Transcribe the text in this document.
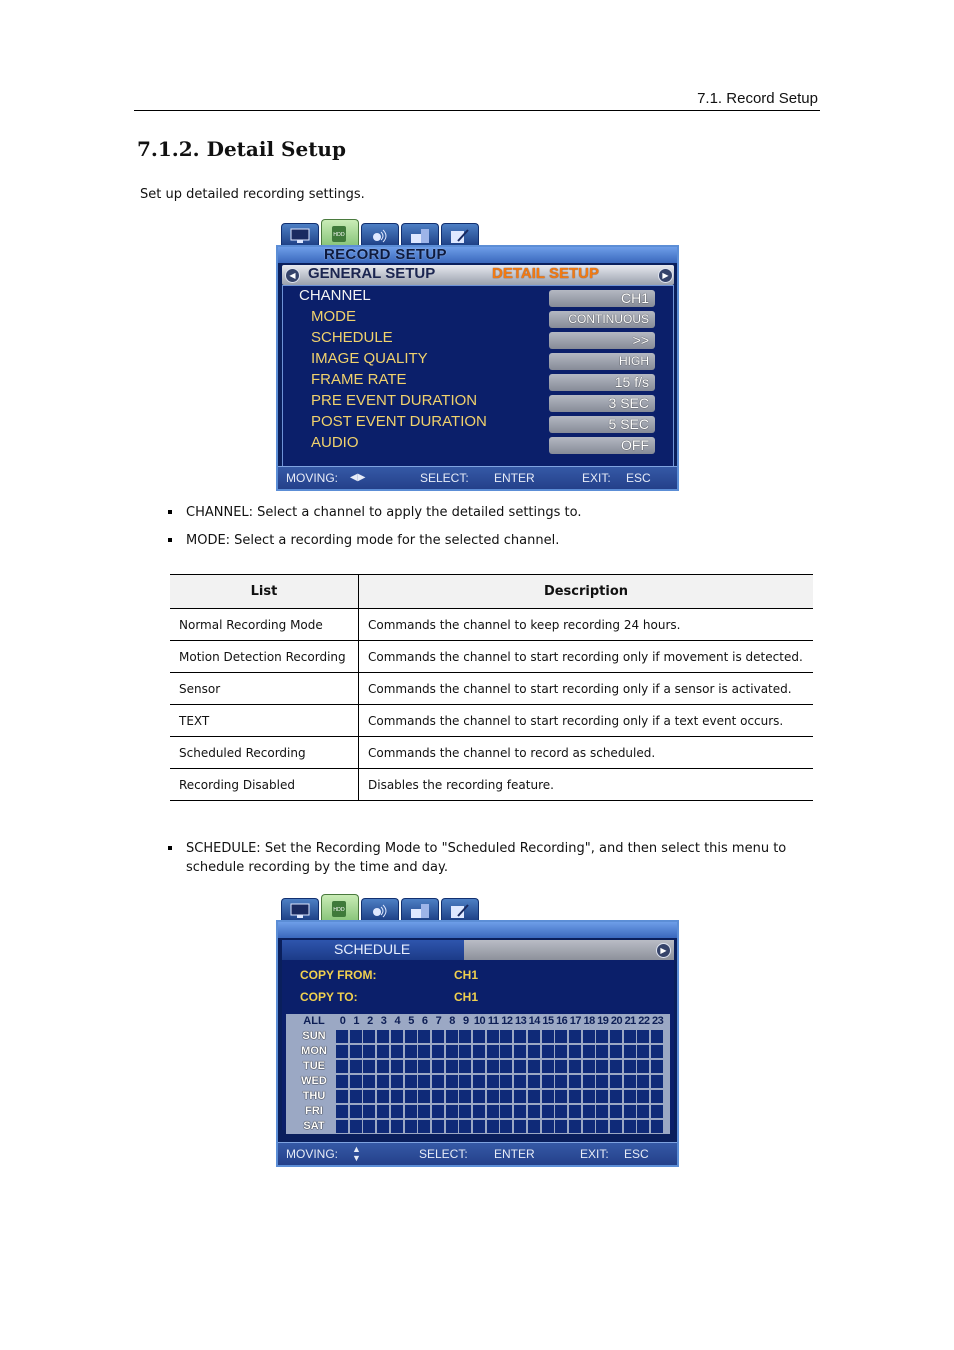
7.1. Record Setup
7.1.2. Detail Setup
Set up detailed recording settings.
HDD
RECORD SETUP
◀ GENERAL SETUP	DETAIL SETUP	▶
CHANNEL	CH1
MODE	CONTINUOUS
SCHEDULE	>>
IMAGE QUALITY	HIGH
FRAME RATE	15 f/s
PRE EVENT DURATION	3 SEC
POST EVENT DURATION	5 SEC
AUDIO	OFF
MOVING: ◀▶	SELECT: ENTER	EXIT: ESC
CHANNEL: Select a channel to apply the detailed settings to.
MODE: Select a recording mode for the selected channel.
List	Description
Normal Recording Mode	Commands the channel to keep recording 24 hours.
Motion Detection Recording	Commands the channel to start recording only if movement is detected.
Sensor	Commands the channel to start recording only if a sensor is activated.
TEXT	Commands the channel to start recording only if a text event occurs.
Scheduled Recording	Commands the channel to record as scheduled.
Recording Disabled	Disables the recording feature.
SCHEDULE: Set the Recording Mode to "Scheduled Recording", and then select this menu to
schedule recording by the time and day.
HDD
SCHEDULE	▶
COPY FROM:	CH1
COPY TO:	CH1
ALL	0 1 2 3 4 5 6 7 8 9 10 11 12 13 14 15 16 17 18 19 20 21 22 23
SUN
MON
TUE
WED
THU
FRI
SAT
MOVING: ▲
▼	SELECT: ENTER	EXIT: ESC
